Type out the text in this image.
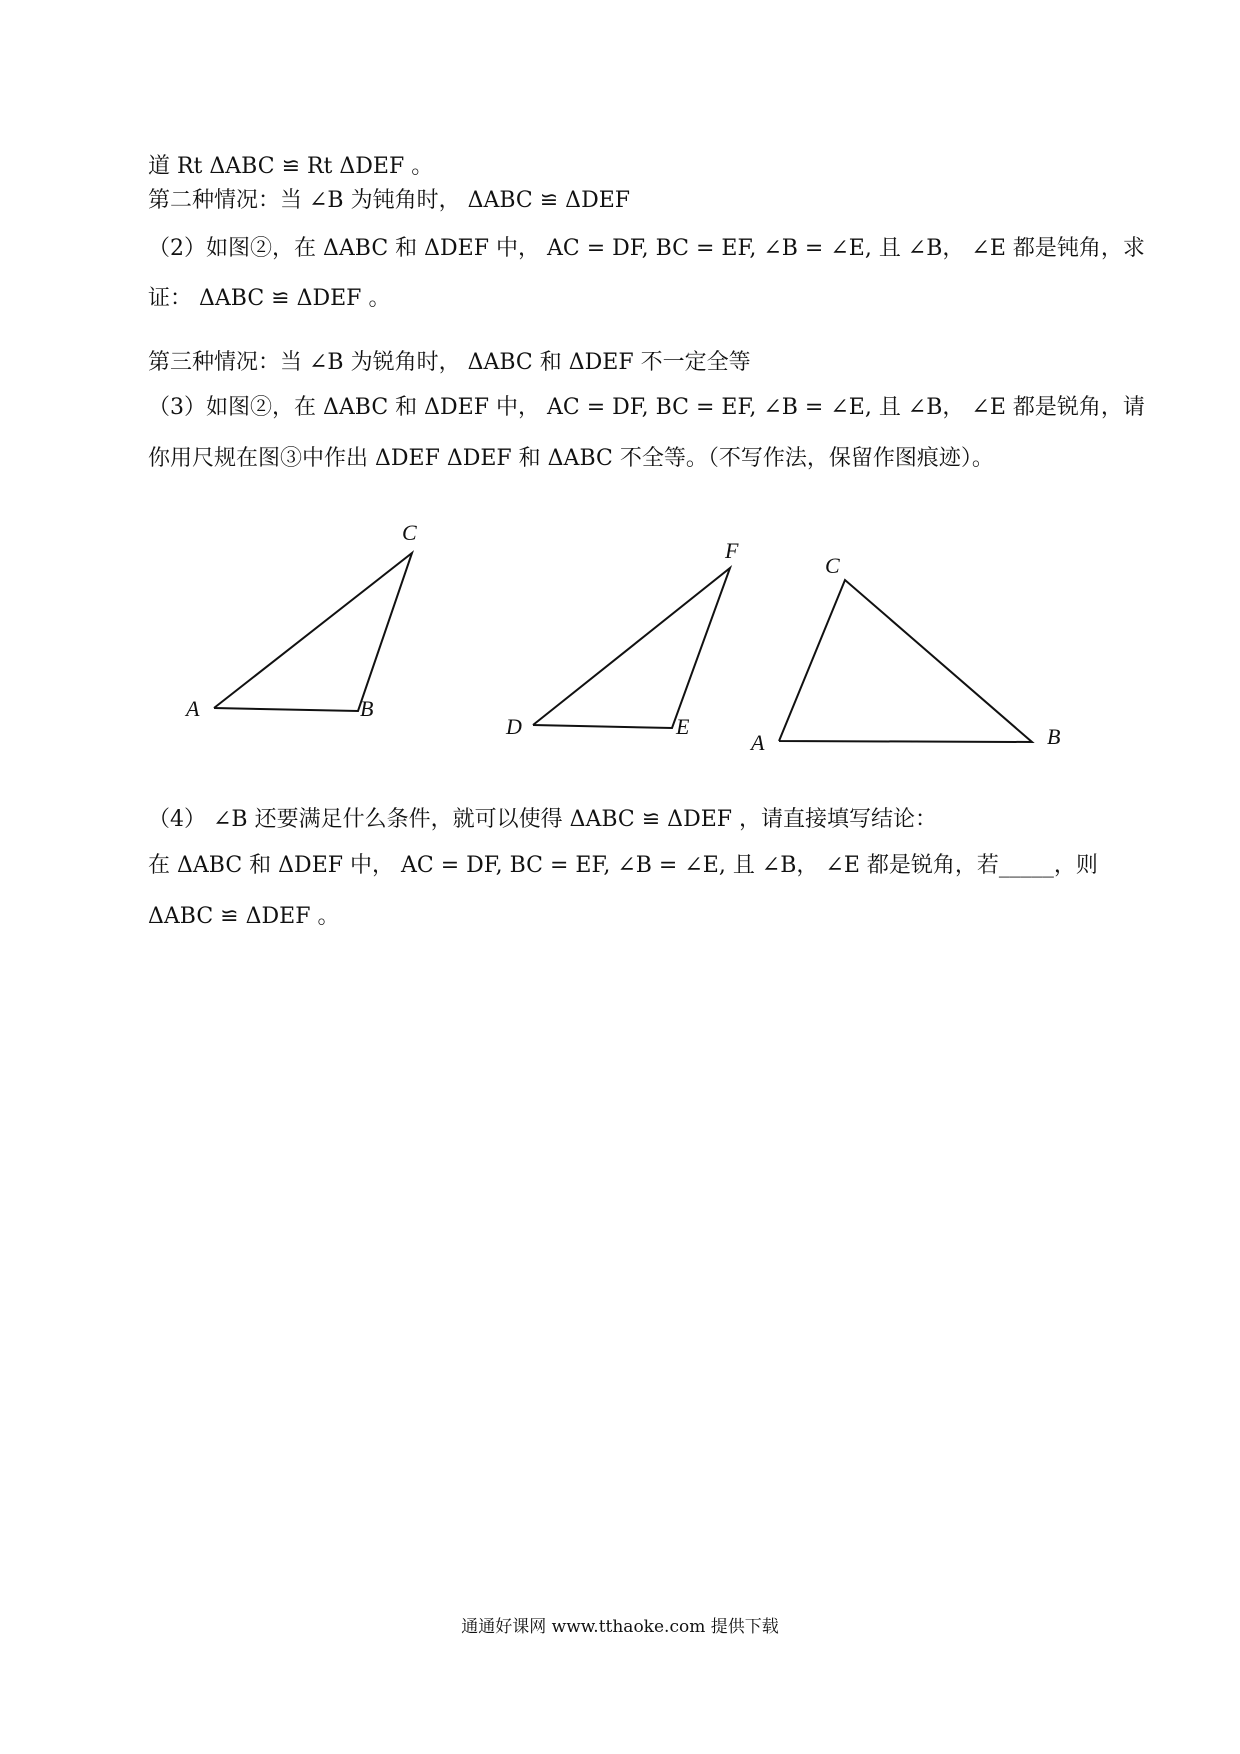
道 Rt ΔABC ≌ Rt ΔDEF 。
第二种情况：当 ∠B 为钝角时， ΔABC ≌ ΔDEF
（2）如图②，在 ΔABC 和 ΔDEF 中， AC = DF, BC = EF, ∠B = ∠E, 且 ∠B， ∠E 都是钝角，求
证： ΔABC ≌ ΔDEF 。
第三种情况：当 ∠B 为锐角时， ΔABC 和 ΔDEF 不一定全等
（3）如图②，在 ΔABC 和 ΔDEF 中， AC = DF, BC = EF, ∠B = ∠E, 且 ∠B， ∠E 都是锐角，请
你用尺规在图③中作出 ΔDEF ΔDEF 和 ΔABC 不全等。（不写作法，保留作图痕迹）。
A	B
C
D	E
F
A	B
C
（4） ∠B 还要满足什么条件，就可以使得 ΔABC ≌ ΔDEF ，请直接填写结论：
在 ΔABC 和 ΔDEF 中， AC = DF, BC = EF, ∠B = ∠E, 且 ∠B， ∠E 都是锐角，若_____，则
ΔABC ≌ ΔDEF 。
通通好课网 www.tthaoke.com 提供下载
